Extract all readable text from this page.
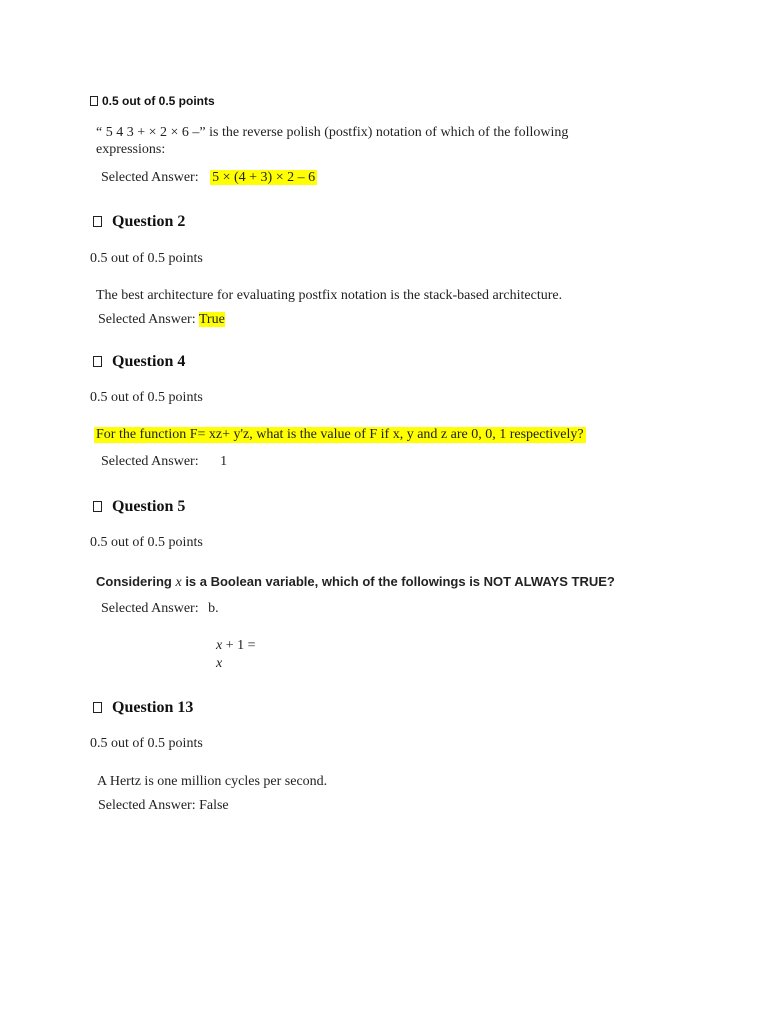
0.5 out of 0.5 points
“ 5 4 3 + × 2 × 6 –” is the reverse polish (postfix) notation of which of the following
expressions:
Selected Answer: 5 × (4 + 3) × 2 – 6
Question 2
0.5 out of 0.5 points
The best architecture for evaluating postfix notation is the stack-based architecture.
Selected Answer: True
Question 4
0.5 out of 0.5 points
For the function F= xz+ y'z, what is the value of F if x, y and z are 0, 0, 1 respectively?
Selected Answer: 1
Question 5
0.5 out of 0.5 points
Considering x is a Boolean variable, which of the followings is NOT ALWAYS TRUE?
Selected Answer: b.
x + 1 =
x
Question 13
0.5 out of 0.5 points
A Hertz is one million cycles per second.
Selected Answer: False
